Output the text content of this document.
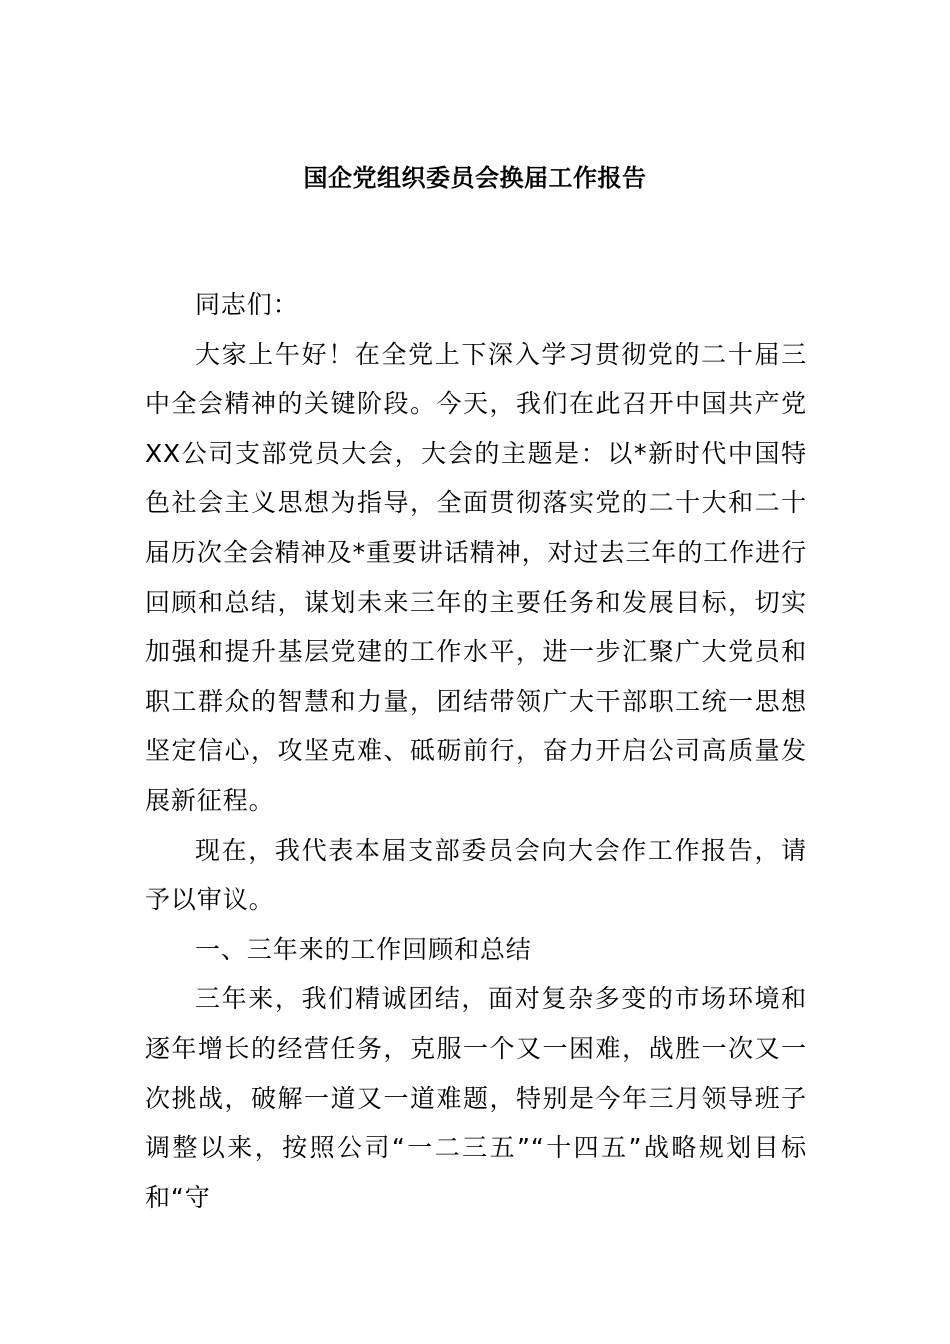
国企党组织委员会换届工作报告

同志们：

大家上午好！在全党上下深入学习贯彻党的二十届三中全会精神的关键阶段。今天，我们在此召开中国共产党XX公司支部党员大会，大会的主题是：以*新时代中国特色社会主义思想为指导，全面贯彻落实党的二十大和二十届历次全会精神及*重要讲话精神，对过去三年的工作进行回顾和总结，谋划未来三年的主要任务和发展目标，切实加强和提升基层党建的工作水平，进一步汇聚广大党员和职工群众的智慧和力量，团结带领广大干部职工统一思想坚定信心，攻坚克难、砥砺前行，奋力开启公司高质量发展新征程。

现在，我代表本届支部委员会向大会作工作报告，请予以审议。

一、三年来的工作回顾和总结

三年来，我们精诚团结，面对复杂多变的市场环境和逐年增长的经营任务，克服一个又一困难，战胜一次又一次挑战，破解一道又一道难题，特别是今年三月领导班子调整以来，按照公司“一二三五”“十四五”战略规划目标和“守
